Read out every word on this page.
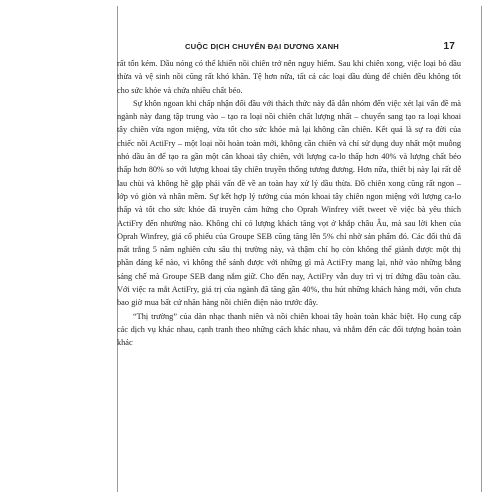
CUỘC DỊCH CHUYỂN ĐẠI DƯƠNG XANH	17

rất tốn kém. Dầu nóng có thể khiến nồi chiên trở nên nguy hiểm. Sau khi chiên xong, việc loại bỏ dầu thừa và vệ sinh nồi cũng rất khó khăn. Tệ hơn nữa, tất cả các loại dầu dùng để chiên đều không tốt cho sức khỏe và chứa nhiều chất béo.

Sự khôn ngoan khi chấp nhận đối đầu với thách thức này đã dẫn nhóm đến việc xét lại vấn đề mà ngành này đang tập trung vào – tạo ra loại nồi chiên chất lượng nhất – chuyển sang tạo ra loại khoai tây chiên vừa ngon miệng, vừa tốt cho sức khỏe mà lại không cần chiên. Kết quả là sự ra đời của chiếc nồi ActiFry – một loại nồi hoàn toàn mới, không cần chiên và chỉ sử dụng duy nhất một muỗng nhỏ dầu ăn để tạo ra gần một cân khoai tây chiên, với lượng ca-lo thấp hơn 40% và lượng chất béo thấp hơn 80% so với lượng khoai tây chiên truyền thống tương đương. Hơn nữa, thiết bị này lại rất dễ lau chùi và không hề gặp phải vấn đề về an toàn hay xử lý dầu thừa. Đồ chiên xong cũng rất ngon – lớp vỏ giòn và nhân mềm. Sự kết hợp lý tưởng của món khoai tây chiên ngon miệng với lượng ca-lo thấp và tốt cho sức khỏe đã truyền cảm hứng cho Oprah Winfrey viết tweet về việc bà yêu thích ActiFry đến nhường nào. Không chỉ có lượng khách tăng vọt ở khắp châu Âu, mà sau lời khen của Oprah Winfrey, giá cổ phiếu của Groupe SEB cũng tăng lên 5% chỉ nhờ sản phẩm đó. Các đối thủ đã mất trắng 5 năm nghiên cứu sâu thị trường này, và thậm chí họ còn không thể giành được một thị phần đáng kể nào, vì không thể sánh được với những gì mà ActiFry mang lại, nhờ vào những bằng sáng chế mà Groupe SEB đang nắm giữ. Cho đến nay, ActiFry vẫn duy trì vị trí đứng đầu toàn cầu. Với việc ra mắt ActiFry, giá trị của ngành đã tăng gần 40%, thu hút những khách hàng mới, vốn chưa bao giờ mua bất cứ nhãn hàng nồi chiên điện nào trước đây.

“Thị trường” của dàn nhạc thanh niên và nồi chiên khoai tây hoàn toàn khác biệt. Họ cung cấp các dịch vụ khác nhau, cạnh tranh theo những cách khác nhau, và nhắm đến các đối tượng hoàn toàn khác
